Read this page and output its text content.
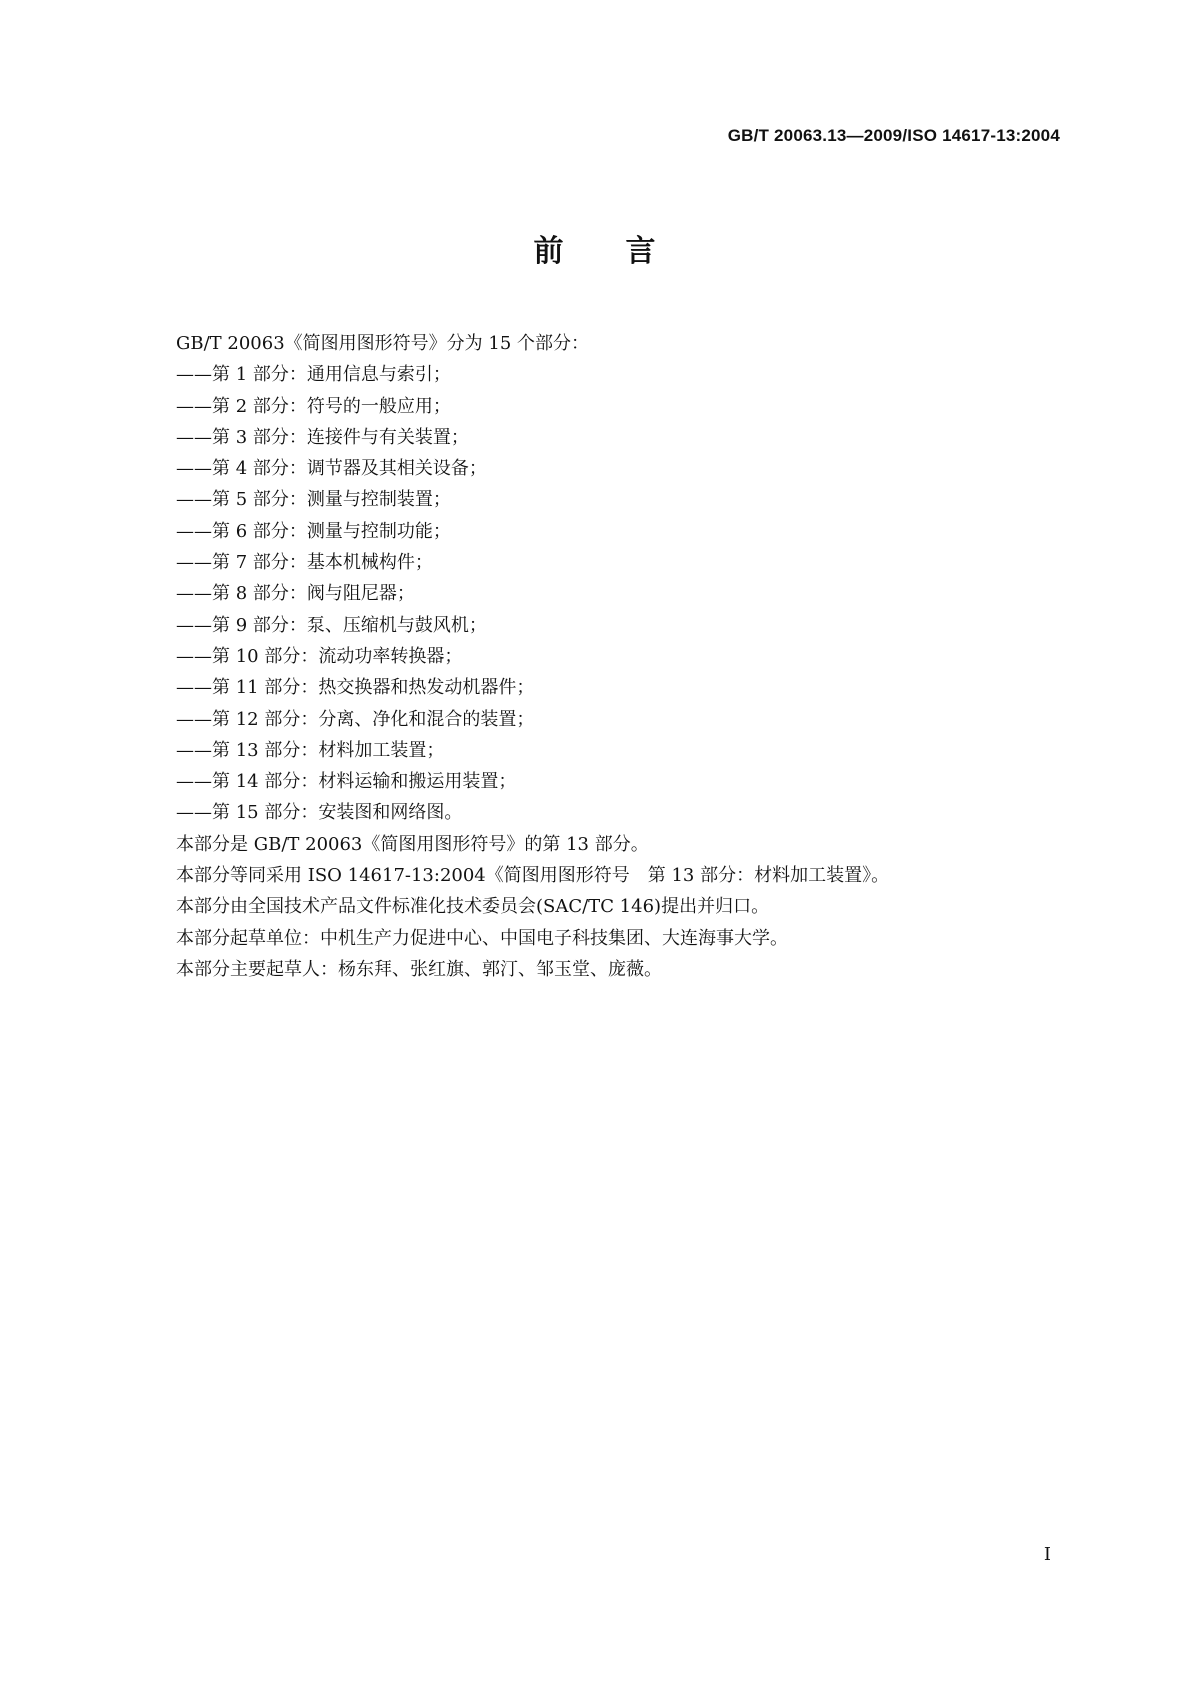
GB/T 20063.13—2009/ISO 14617-13:2004
前 言
GB/T 20063《简图用图形符号》分为 15 个部分：
——第 1 部分：通用信息与索引；
——第 2 部分：符号的一般应用；
——第 3 部分：连接件与有关装置；
——第 4 部分：调节器及其相关设备；
——第 5 部分：测量与控制装置；
——第 6 部分：测量与控制功能；
——第 7 部分：基本机械构件；
——第 8 部分：阀与阻尼器；
——第 9 部分：泵、压缩机与鼓风机；
——第 10 部分：流动功率转换器；
——第 11 部分：热交换器和热发动机器件；
——第 12 部分：分离、净化和混合的装置；
——第 13 部分：材料加工装置；
——第 14 部分：材料运输和搬运用装置；
——第 15 部分：安装图和网络图。
本部分是 GB/T 20063《简图用图形符号》的第 13 部分。
本部分等同采用 ISO 14617-13:2004《简图用图形符号　第 13 部分：材料加工装置》。
本部分由全国技术产品文件标准化技术委员会(SAC/TC 146)提出并归口。
本部分起草单位：中机生产力促进中心、中国电子科技集团、大连海事大学。
本部分主要起草人：杨东拜、张红旗、郭汀、邹玉堂、庞薇。
I
